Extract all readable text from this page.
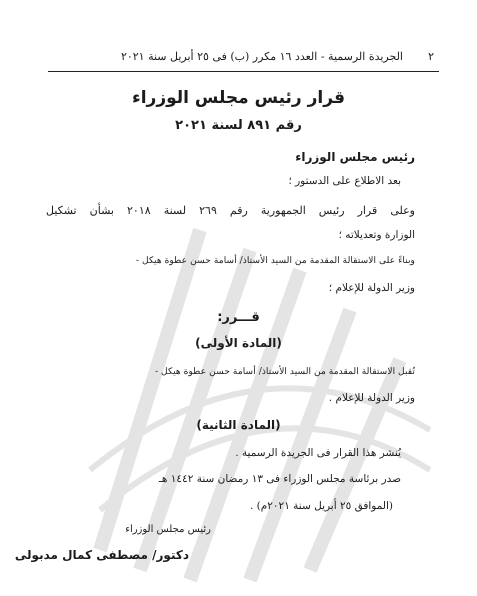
٢
الجريدة الرسمية - العدد ١٦ مكرر (ب) فى ٢٥ أبريل سنة ٢٠٢١
قرار رئيس مجلس الوزراء
رقم ٨٩١ لسنة ٢٠٢١
رئيس مجلس الوزراء
بعد الاطلاع على الدستور ؛
وعلى قرار رئيس الجمهورية رقم ٢٦٩ لسنة ٢٠١٨ بشأن تشكيل
الوزارة وتعديلاته ؛
وبناءً على الاستقالة المقدمة من السيد الأستاذ/ أسامة حسن عطوة هيكل -
وزير الدولة للإعلام ؛
قـــرر:
(المادة الأولى)
تُقبل الاستقالة المقدمة من السيد الأستاذ/ أسامة حسن عطوة هيكل -
وزير الدولة للإعلام .
(المادة الثانية)
يُنشر هذا القرار فى الجريدة الرسمية .
صدر برئاسة مجلس الوزراء فى ١٣ رمضان سنة ١٤٤٢ هـ
(الموافق ٢٥ أبريل سنة ٢٠٢١م) .
رئيس مجلس الوزراء
دكتور/ مصطفى كمال مدبولى
